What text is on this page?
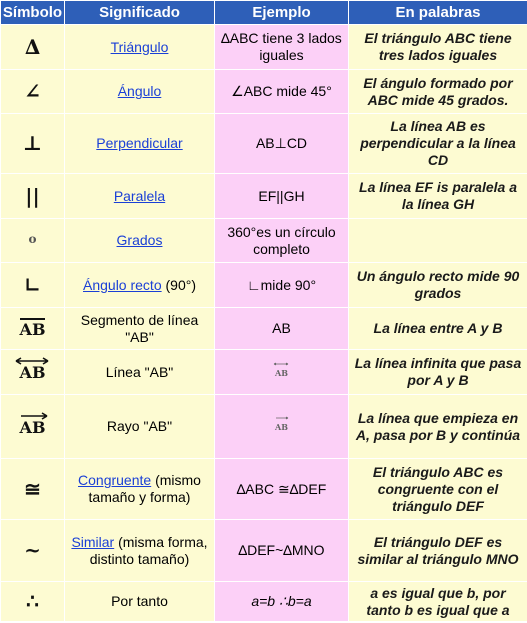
Símbolo	Significado	Ejemplo	En palabras
∆	Triángulo	∆ABC tiene 3 lados iguales	El triángulo ABC tiene tres lados iguales
∠	Ángulo	∠ABC mide 45°	El ángulo formado por ABC mide 45 grados.
⊥	Perpendicular	AB⊥CD	La línea AB es perpendicular a la línea CD
||	Paralela	EF||GH	La línea EF is paralela a la línea GH
$^o$	Grados	360°es un círculo completo	
∟	Ángulo recto (90°)	∟mide 90°	Un ángulo recto mide 90 grados

AB	Segmento de línea "AB"	AB	La línea entre A y B

AB	Línea "AB"	AB	La línea infinita que pasa por A y B

AB	Rayo "AB"	AB	La línea que empieza en A, pasa por B y continúa
≅	Congruente (mismo tamaño y forma)	∆ABC ≅∆DEF	El triángulo ABC es congruente con el triángulo DEF
~	Similar (misma forma, distinto tamaño)	∆DEF~∆MNO	El triángulo DEF es similar al triángulo MNO
∴	Por tanto	a=b ∴b=a	a es igual que b, por tanto b es igual que a
